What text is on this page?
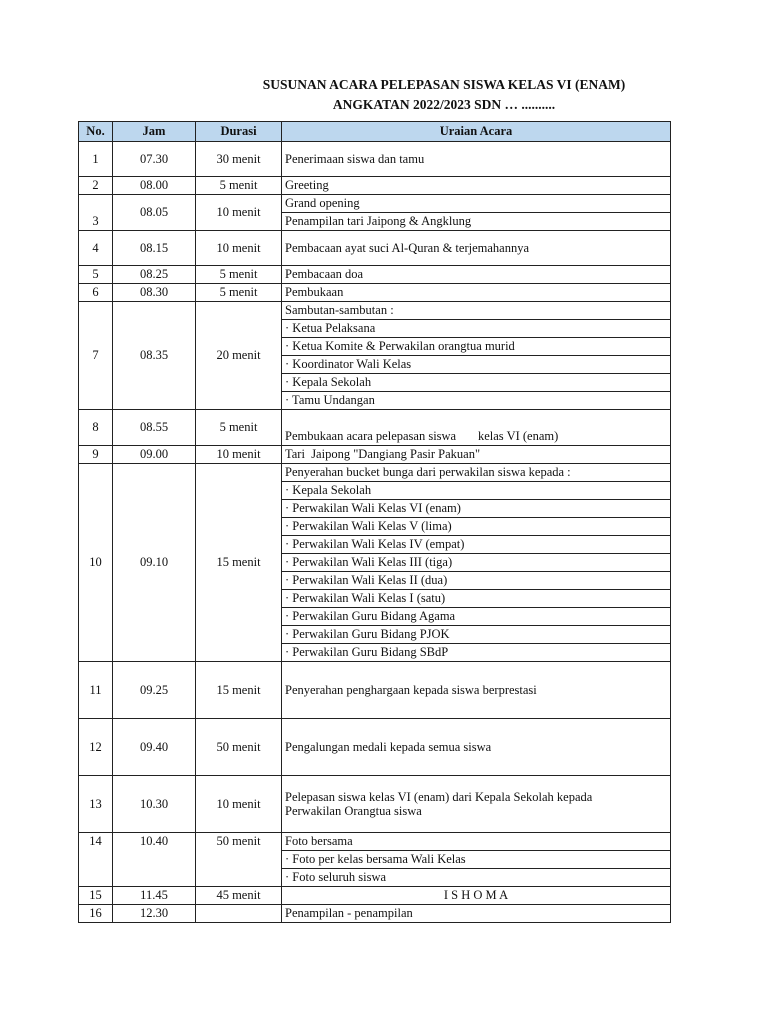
SUSUNAN ACARA PELEPASAN SISWA KELAS VI (ENAM)
ANGKATAN 2022/2023 SDN … ..........
No.	Jam	Durasi	Uraian Acara
1	07.30	30 menit	Penerimaan siswa dan tamu
2	08.00	5 menit	Greeting
3	08.05	10 menit	Grand opening
			Penampilan tari Jaipong & Angklung
4	08.15	10 menit	Pembacaan ayat suci Al-Quran & terjemahannya
5	08.25	5 menit	Pembacaan doa
6	08.30	5 menit	Pembukaan
7	08.35	20 menit	Sambutan-sambutan :
			· Ketua Pelaksana
			· Ketua Komite & Perwakilan orangtua murid
			· Koordinator Wali Kelas
			· Kepala Sekolah
			· Tamu Undangan
8	08.55	5 menit	Pembukaan acara pelepasan siswa       kelas VI (enam)
9	09.00	10 menit	Tari  Jaipong "Dangiang Pasir Pakuan"
10	09.10	15 menit	Penyerahan bucket bunga dari perwakilan siswa kepada :
			· Kepala Sekolah
			· Perwakilan Wali Kelas VI (enam)
			· Perwakilan Wali Kelas V (lima)
			· Perwakilan Wali Kelas IV (empat)
			· Perwakilan Wali Kelas III (tiga)
			· Perwakilan Wali Kelas II (dua)
			· Perwakilan Wali Kelas I (satu)
			· Perwakilan Guru Bidang Agama
			· Perwakilan Guru Bidang PJOK
			· Perwakilan Guru Bidang SBdP
11	09.25	15 menit	Penyerahan penghargaan kepada siswa berprestasi
12	09.40	50 menit	Pengalungan medali kepada semua siswa
13	10.30	10 menit	Pelepasan siswa kelas VI (enam) dari Kepala Sekolah kepada
Perwakilan Orangtua siswa

14	10.40	50 menit	Foto bersama
			· Foto per kelas bersama Wali Kelas
			· Foto seluruh siswa
15	11.45	45 menit	I S H O M A
16	12.30		Penampilan - penampilan
